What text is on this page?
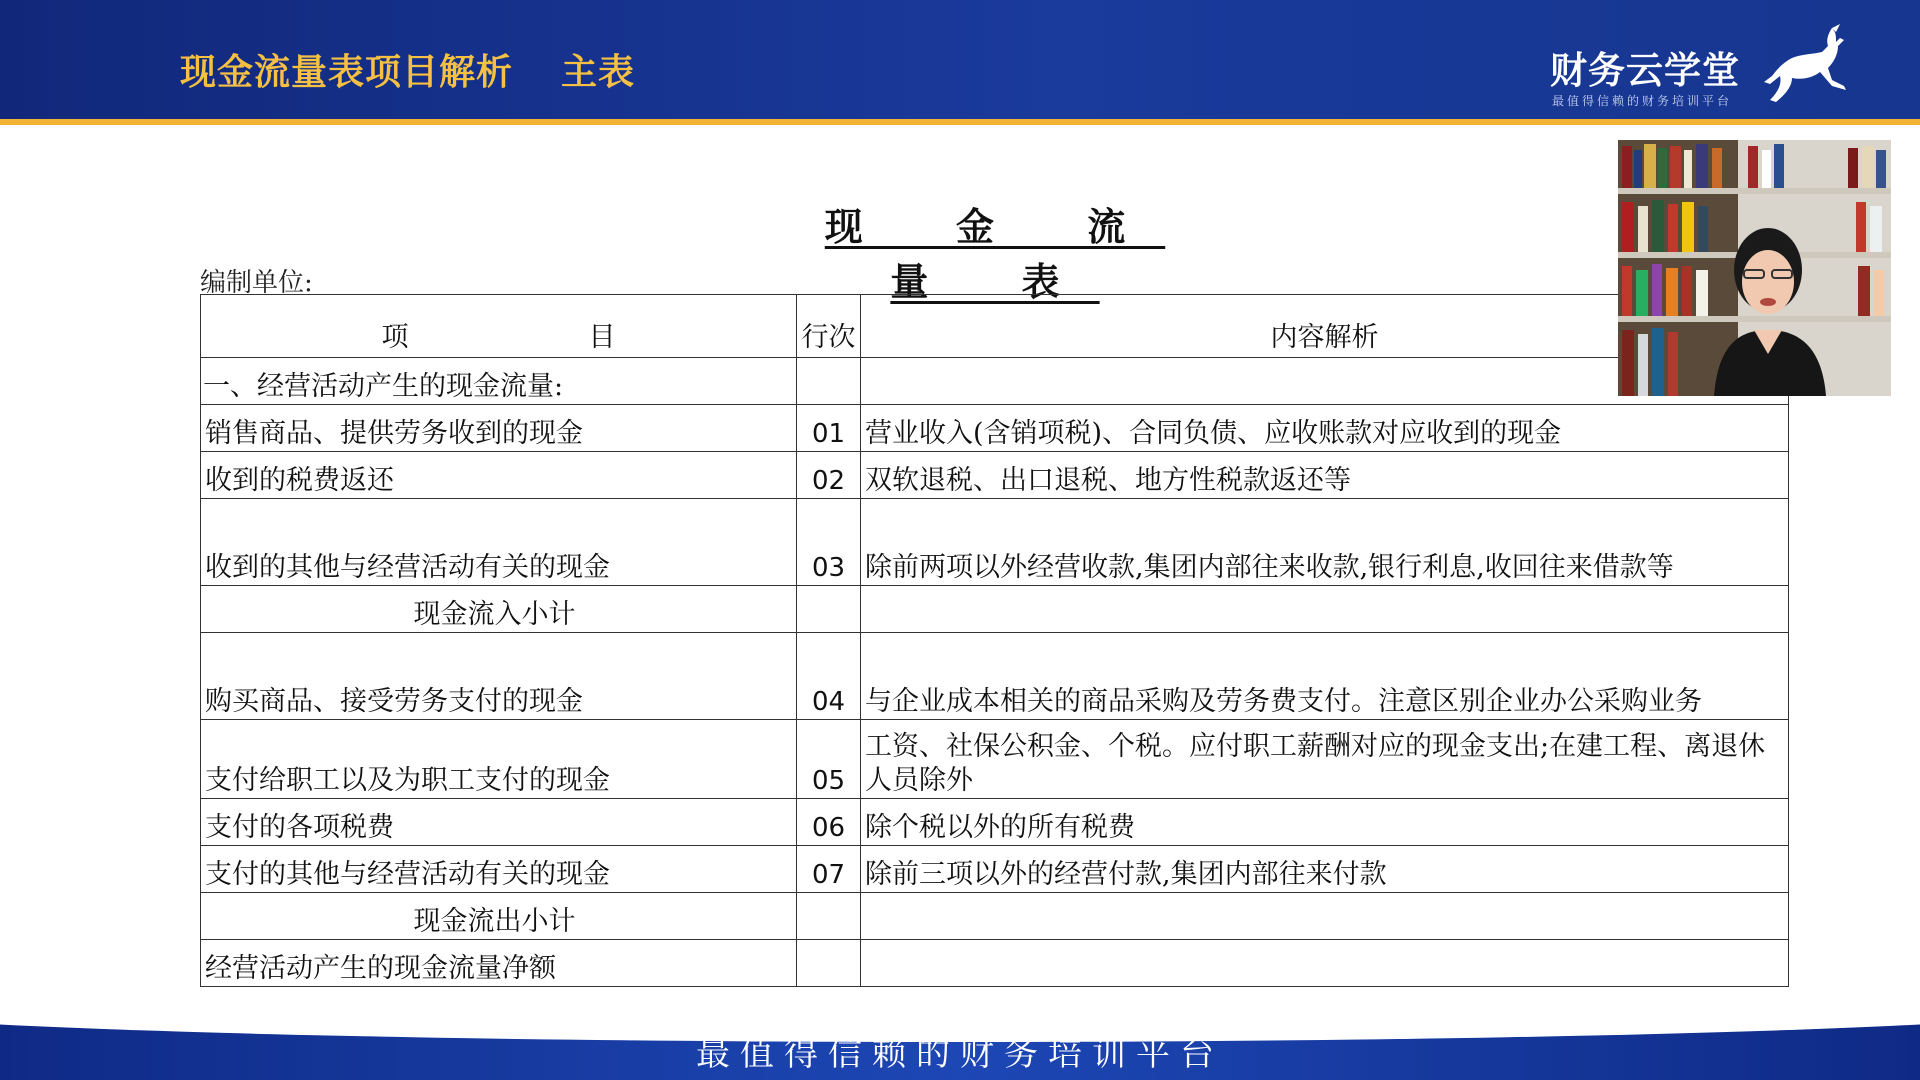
现金流量表项目解析 主表	财务云学堂
最值得信赖的财务培训平台
现 金 流 量 表
编制单位:
项 目	行次	内容解析
一、经营活动产生的现金流量:		
销售商品、提供劳务收到的现金	01	营业收入(含销项税)、合同负债、应收账款对应收到的现金
收到的税费返还	02	双软退税、出口退税、地方性税款返还等
收到的其他与经营活动有关的现金	03	除前两项以外经营收款,集团内部往来收款,银行利息,收回往来借款等
现金流入小计		
购买商品、接受劳务支付的现金	04	与企业成本相关的商品采购及劳务费支付。注意区别企业办公采购业务
支付给职工以及为职工支付的现金	05	工资、社保公积金、个税。应付职工薪酬对应的现金支出;在建工程、离退休人员除外
支付的各项税费	06	除个税以外的所有税费
支付的其他与经营活动有关的现金	07	除前三项以外的经营付款,集团内部往来付款
现金流出小计		
经营活动产生的现金流量净额		
最值得信赖的财务培训平台
